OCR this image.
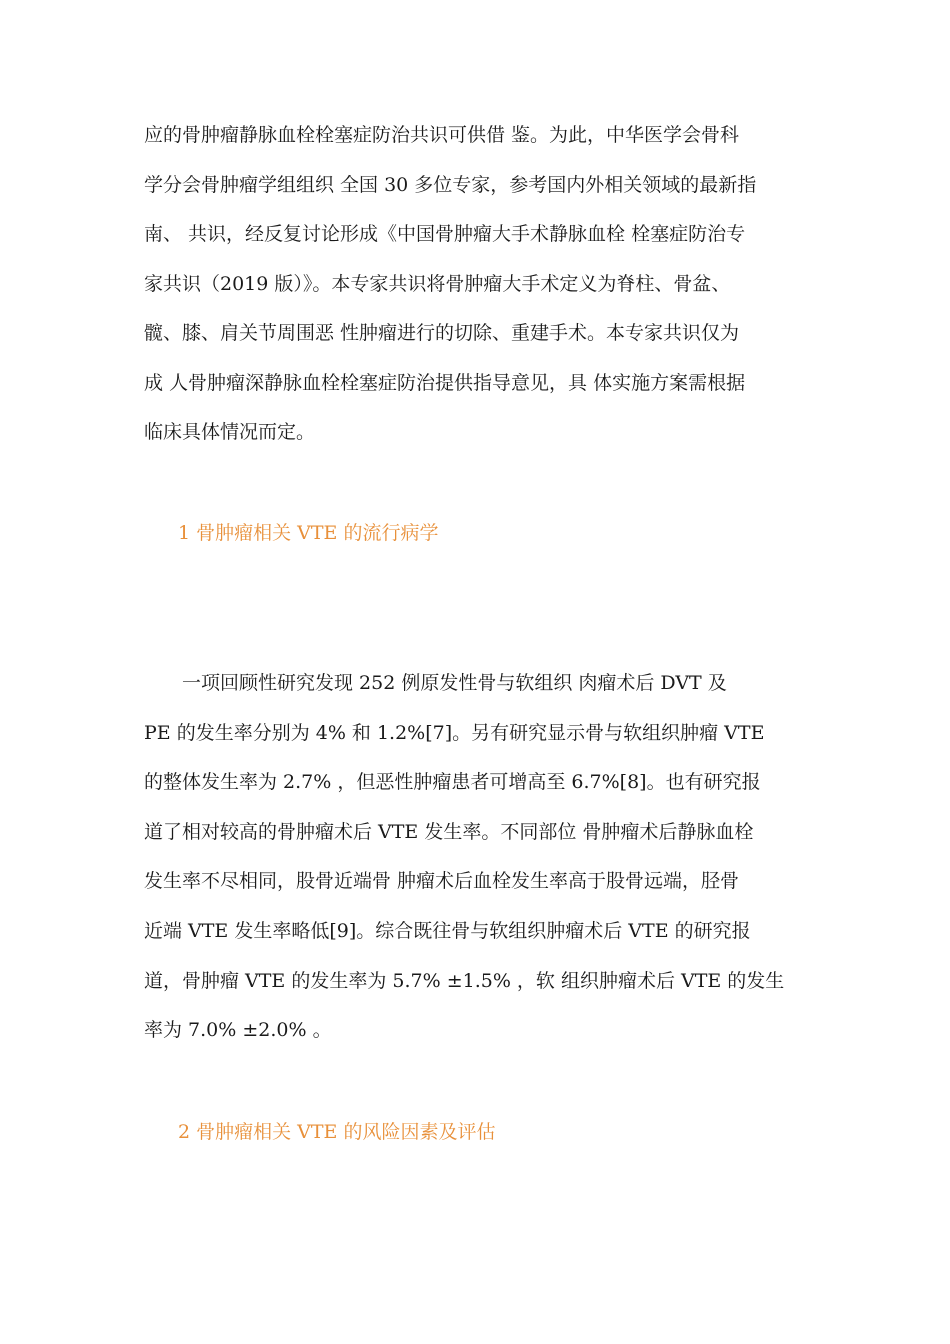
应的骨肿瘤静脉血栓栓塞症防治共识可供借 鉴。为此，中华医学会骨科
学分会骨肿瘤学组组织 全国 30 多位专家，参考国内外相关领域的最新指
南、 共识，经反复讨论形成《中国骨肿瘤大手术静脉血栓 栓塞症防治专
家共识（2019 版）》。本专家共识将骨肿瘤大手术定义为脊柱、骨盆、
髋、膝、肩关节周围恶 性肿瘤进行的切除、重建手术。本专家共识仅为
成 人骨肿瘤深静脉血栓栓塞症防治提供指导意见，具 体实施方案需根据
临床具体情况而定。

1 骨肿瘤相关 VTE 的流行病学

一项回顾性研究发现 252 例原发性骨与软组织 肉瘤术后 DVT 及
PE 的发生率分别为 4% 和 1.2%[7]。另有研究显示骨与软组织肿瘤 VTE
的整体发生率为 2.7% ，但恶性肿瘤患者可增高至 6.7%[8]。也有研究报
道了相对较高的骨肿瘤术后 VTE 发生率。不同部位 骨肿瘤术后静脉血栓
发生率不尽相同，股骨近端骨 肿瘤术后血栓发生率高于股骨远端，胫骨
近端 VTE 发生率略低[9]。综合既往骨与软组织肿瘤术后 VTE 的研究报
道，骨肿瘤 VTE 的发生率为 5.7% ±1.5% ，软 组织肿瘤术后 VTE 的发生
率为 7.0% ±2.0% 。

2 骨肿瘤相关 VTE 的风险因素及评估
